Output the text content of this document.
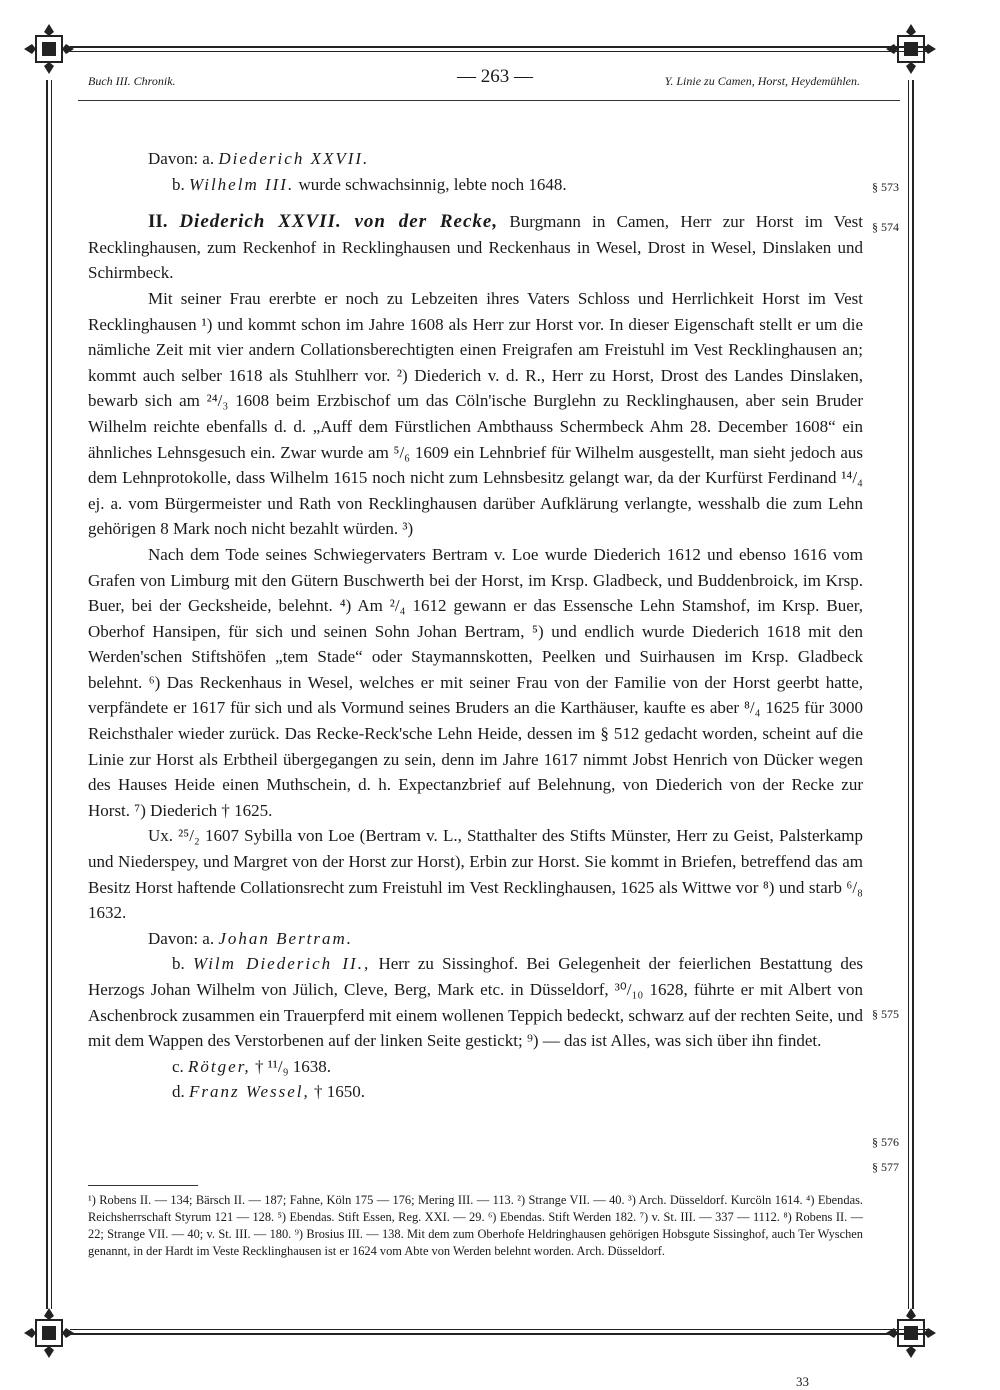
Buch III. Chronik.	— 263 —	Y. Linie zu Camen, Horst, Heydemühlen.
§ 573
§ 574
§ 575
§ 576
§ 577

Davon: a. Diederich XXVII.

b. Wilhelm III. wurde schwachsinnig, lebte noch 1648.

II. Diederich XXVII. von der Recke, Burgmann in Camen, Herr zur Horst im Vest Recklinghausen, zum Reckenhof in Recklinghausen und Reckenhaus in Wesel, Drost in Wesel, Dinslaken und Schirmbeck.

Mit seiner Frau ererbte er noch zu Lebzeiten ihres Vaters Schloss und Herrlichkeit Horst im Vest Recklinghausen ¹) und kommt schon im Jahre 1608 als Herr zur Horst vor. In dieser Eigenschaft stellt er um die nämliche Zeit mit vier andern Collationsberechtigten einen Freigrafen am Freistuhl im Vest Recklinghausen an; kommt auch selber 1618 als Stuhlherr vor. ²) Diederich v. d. R., Herr zu Horst, Drost des Landes Dinslaken, bewarb sich am ²⁴/₃ 1608 beim Erzbischof um das Cöln'ische Burglehn zu Recklinghausen, aber sein Bruder Wilhelm reichte ebenfalls d. d. „Auff dem Fürstlichen Ambthauss Schermbeck Ahm 28. December 1608“ ein ähnliches Lehnsgesuch ein. Zwar wurde am ⁵/₆ 1609 ein Lehnbrief für Wilhelm ausgestellt, man sieht jedoch aus dem Lehnprotokolle, dass Wilhelm 1615 noch nicht zum Lehnsbesitz gelangt war, da der Kurfürst Ferdinand ¹⁴/₄ ej. a. vom Bürgermeister und Rath von Recklinghausen darüber Aufklärung verlangte, wesshalb die zum Lehn gehörigen 8 Mark noch nicht bezahlt würden. ³)

Nach dem Tode seines Schwiegervaters Bertram v. Loe wurde Diederich 1612 und ebenso 1616 vom Grafen von Limburg mit den Gütern Buschwerth bei der Horst, im Krsp. Gladbeck, und Buddenbroick, im Krsp. Buer, bei der Gecksheide, belehnt. ⁴) Am ²/₄ 1612 gewann er das Essensche Lehn Stamshof, im Krsp. Buer, Oberhof Hansipen, für sich und seinen Sohn Johan Bertram, ⁵) und endlich wurde Diederich 1618 mit den Werden'schen Stiftshöfen „tem Stade“ oder Staymannskotten, Peelken und Suirhausen im Krsp. Gladbeck belehnt. ⁶) Das Reckenhaus in Wesel, welches er mit seiner Frau von der Familie von der Horst geerbt hatte, verpfändete er 1617 für sich und als Vormund seines Bruders an die Karthäuser, kaufte es aber ⁸/₄ 1625 für 3000 Reichsthaler wieder zurück. Das Recke-Reck'sche Lehn Heide, dessen im § 512 gedacht worden, scheint auf die Linie zur Horst als Erbtheil übergegangen zu sein, denn im Jahre 1617 nimmt Jobst Henrich von Dücker wegen des Hauses Heide einen Muthschein, d. h. Expectanzbrief auf Belehnung, von Diederich von der Recke zur Horst. ⁷) Diederich † 1625.

Ux. ²⁵/₂ 1607 Sybilla von Loe (Bertram v. L., Statthalter des Stifts Münster, Herr zu Geist, Palsterkamp und Niederspey, und Margret von der Horst zur Horst), Erbin zur Horst. Sie kommt in Briefen, betreffend das am Besitz Horst haftende Collationsrecht zum Freistuhl im Vest Recklinghausen, 1625 als Wittwe vor ⁸) und starb ⁶/₈ 1632.

Davon: a. Johan Bertram.

b. Wilm Diederich II., Herr zu Sissinghof. Bei Gelegenheit der feierlichen Bestattung des Herzogs Johan Wilhelm von Jülich, Cleve, Berg, Mark etc. in Düsseldorf, ³⁰/₁₀ 1628, führte er mit Albert von Aschenbrock zusammen ein Trauerpferd mit einem wollenen Teppich bedeckt, schwarz auf der rechten Seite, und mit dem Wappen des Verstorbenen auf der linken Seite gestickt; ⁹) — das ist Alles, was sich über ihn findet.

c. Rötger, † ¹¹/₉ 1638.

d. Franz Wessel, † 1650.

¹) Robens II. — 134; Bärsch II. — 187; Fahne, Köln 175 — 176; Mering III. — 113. ²) Strange VII. — 40. ³) Arch. Düsseldorf. Kurcöln 1614. ⁴) Ebendas. Reichsherrschaft Styrum 121 — 128. ⁵) Ebendas. Stift Essen, Reg. XXI. — 29. ⁶) Ebendas. Stift Werden 182. ⁷) v. St. III. — 337 — 1112. ⁸) Robens II. — 22; Strange VII. — 40; v. St. III. — 180. ⁹) Brosius III. — 138. Mit dem zum Oberhofe Heldringhausen gehörigen Hobsgute Sissinghof, auch Ter Wyschen genannt, in der Hardt im Veste Recklinghausen ist er 1624 vom Abte von Werden belehnt worden. Arch. Düsseldorf.
33
